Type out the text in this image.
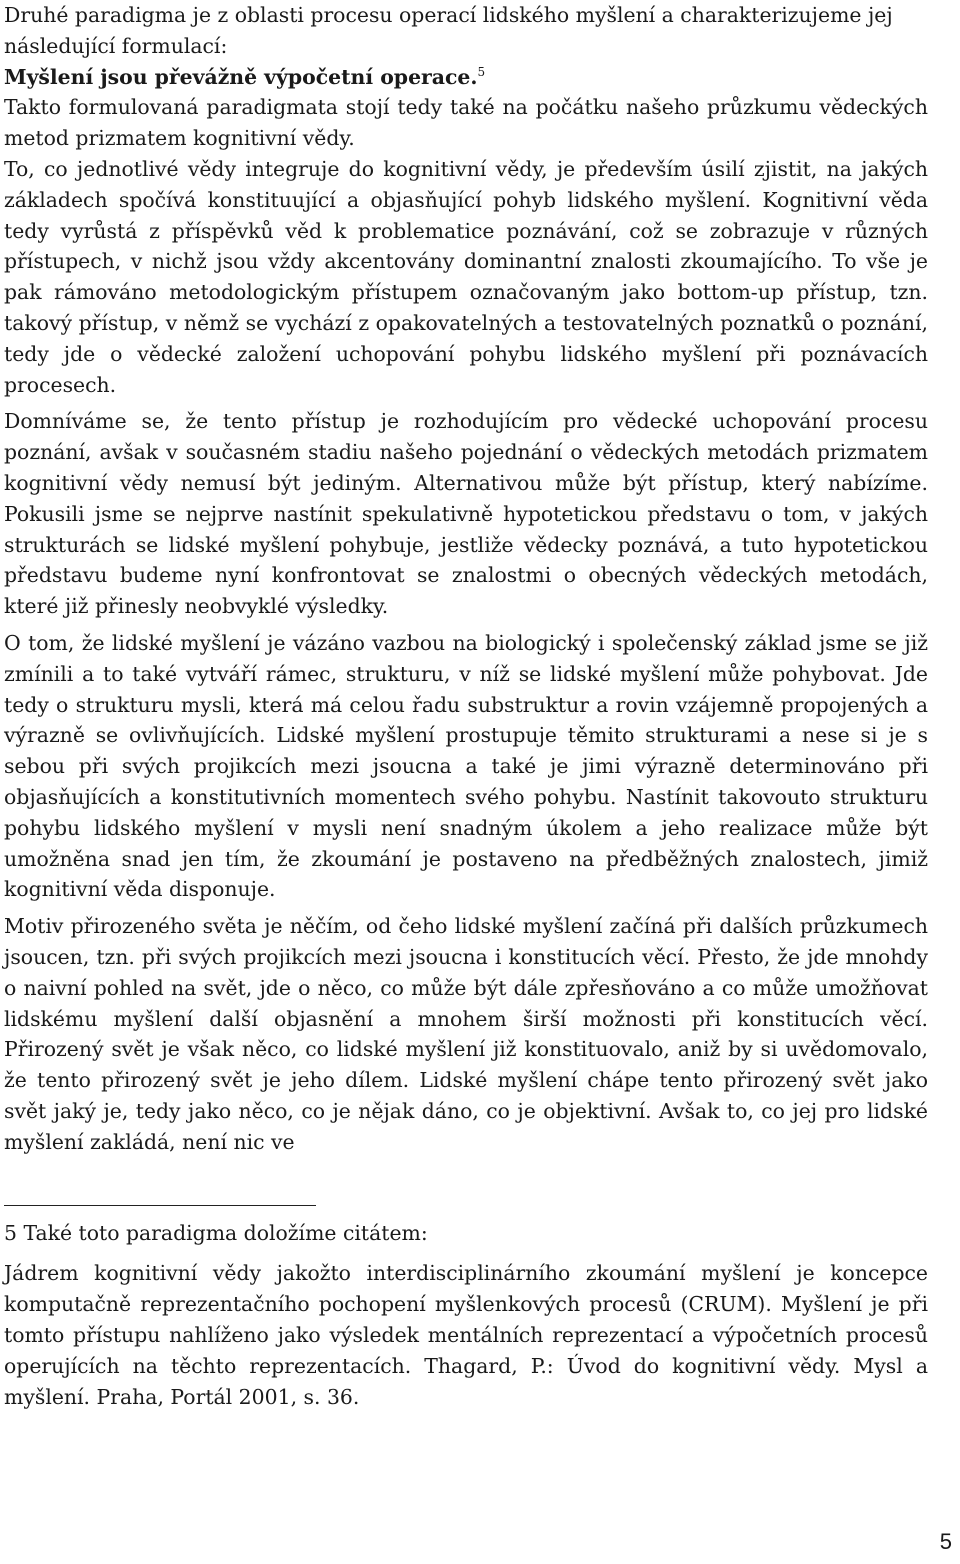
Druhé paradigma je z oblasti procesu operací lidského myšlení a charakterizujeme jej následující formulací:

Myšlení jsou převážně výpočetní operace.$^5$

Takto formulovaná paradigmata stojí tedy také na počátku našeho průzkumu vědeckých metod prizmatem kognitivní vědy.

To, co jednotlivé vědy integruje do kognitivní vědy, je především úsilí zjistit, na jakých základech spočívá konstituující a objasňující pohyb lidského myšlení. Kognitivní věda tedy vyrůstá z příspěvků věd k problematice poznávání, což se zobrazuje v různých přístupech, v nichž jsou vždy akcentovány dominantní znalosti zkoumajícího. To vše je pak rámováno metodologickým přístupem označovaným jako bottom-up přístup, tzn. takový přístup, v němž se vychází z opakovatelných a testovatelných poznatků o poznání, tedy jde o vědecké založení uchopování pohybu lidského myšlení při poznávacích procesech.

Domníváme se, že tento přístup je rozhodujícím pro vědecké uchopování procesu poznání, avšak v současném stadiu našeho pojednání o vědeckých metodách prizmatem kognitivní vědy nemusí být jediným. Alternativou může být přístup, který nabízíme. Pokusili jsme se nejprve nastínit spekulativně hypotetickou představu o tom, v jakých strukturách se lidské myšlení pohybuje, jestliže vědecky poznává, a tuto hypotetickou představu budeme nyní konfrontovat se znalostmi o obecných vědeckých metodách, které již přinesly neobvyklé výsledky.

O tom, že lidské myšlení je vázáno vazbou na biologický i společenský základ jsme se již zmínili a to také vytváří rámec, strukturu, v níž se lidské myšlení může pohybovat. Jde tedy o strukturu mysli, která má celou řadu substruktur a rovin vzájemně propojených a výrazně se ovlivňujících. Lidské myšlení prostupuje těmito strukturami a nese si je s sebou při svých projikcích mezi jsoucna a také je jimi výrazně determinováno při objasňujících a konstitutivních momentech svého pohybu. Nastínit takovouto strukturu pohybu lidského myšlení v mysli není snadným úkolem a jeho realizace může být umožněna snad jen tím, že zkoumání je postaveno na předběžných znalostech, jimiž kognitivní věda disponuje.

Motiv přirozeného světa je něčím, od čeho lidské myšlení začíná při dalších průzkumech jsoucen, tzn. při svých projikcích mezi jsoucna i konstitucích věcí. Přesto, že jde mnohdy o naivní pohled na svět, jde o něco, co může být dále zpřesňováno a co může umožňovat lidskému myšlení další objasnění a mnohem širší možnosti při konstitucích věcí. Přirozený svět je však něco, co lidské myšlení již konstituovalo, aniž by si uvědomovalo, že tento přirozený svět je jeho dílem. Lidské myšlení chápe tento přirozený svět jako svět jaký je, tedy jako něco, co je nějak dáno, co je objektivní. Avšak to, co jej pro lidské myšlení zakládá, není nic ve

5 Také toto paradigma doložíme citátem:

Jádrem kognitivní vědy jakožto interdisciplinárního zkoumání myšlení je koncepce komputačně reprezentačního pochopení myšlenkových procesů (CRUM). Myšlení je při tomto přístupu nahlíženo jako výsledek mentálních reprezentací a výpočetních procesů operujících na těchto reprezentacích. Thagard, P.: Úvod do kognitivní vědy. Mysl a myšlení. Praha, Portál 2001, s. 36.

5
